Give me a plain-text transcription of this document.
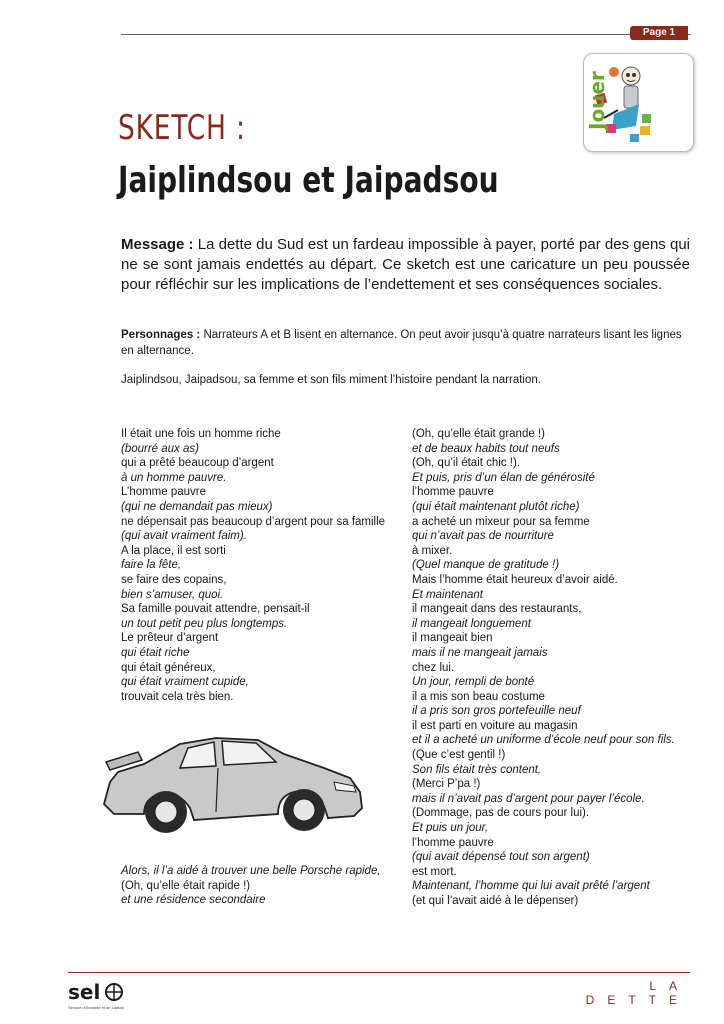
Page 1
Jouer
SKETCH :
Jaiplindsou et Jaipadsou
Message : La dette du Sud est un fardeau impossible à payer, porté par des gens qui ne se sont jamais endettés au départ. Ce sketch est une caricature un peu poussée pour réfléchir sur les implications de l’endettement et ses conséquences sociales.
Personnages : Narrateurs A et B lisent en alternance. On peut avoir jusqu’à quatre narrateurs lisant les lignes en alternance.
Jaiplindsou, Jaipadsou, sa femme et son fils miment l’histoire pendant la narration.
Il était une fois un homme riche
(bourré aux as)
qui a prêté beaucoup d’argent
à un homme pauvre.
L’homme pauvre
(qui ne demandait pas mieux)
ne dépensait pas beaucoup d’argent pour sa famille
(qui avait vraiment faim).
A la place, il est sorti
faire la fête,
se faire des copains,
bien s’amuser, quoi.
Sa famille pouvait attendre, pensait-il
un tout petit peu plus longtemps.
Le prêteur d’argent
qui était riche
qui était généreux,
qui était vraiment cupide,
trouvait cela très bien.
Alors, il l’a aidé à trouver une belle Porsche rapide,
(Oh, qu’elle était rapide !)
et une résidence secondaire
(Oh, qu’elle était grande !)
et de beaux habits tout neufs
(Oh, qu’il était chic !).
Et puis, pris d’un élan de générosité
l’homme pauvre
(qui était maintenant plutôt riche)
a acheté un mixeur pour sa femme
qui n’avait pas de nourriture
à mixer.
(Quel manque de gratitude !)
Mais l’homme était heureux d’avoir aidé.
Et maintenant
il mangeait dans des restaurants,
il mangeait longuement
il mangeait bien
mais il ne mangeait jamais
chez lui.
Un jour, rempli de bonté
il a mis son beau costume
il a pris son gros portefeuille neuf
il est parti en voiture au magasin
et il a acheté un uniforme d’école neuf pour son fils.
(Que c’est gentil !)
Son fils était très content,
(Merci P’pa !)
mais il n’avait pas d’argent pour payer l’école.
(Dommage, pas de cours pour lui).
Et puis un jour,
l’homme pauvre
(qui avait dépensé tout son argent)
est mort.
Maintenant, l’homme qui lui avait prêté l’argent
(et qui l’avait aidé à le dépenser)
sel
Service d’Entraide et de Liaison
LA DETTE
